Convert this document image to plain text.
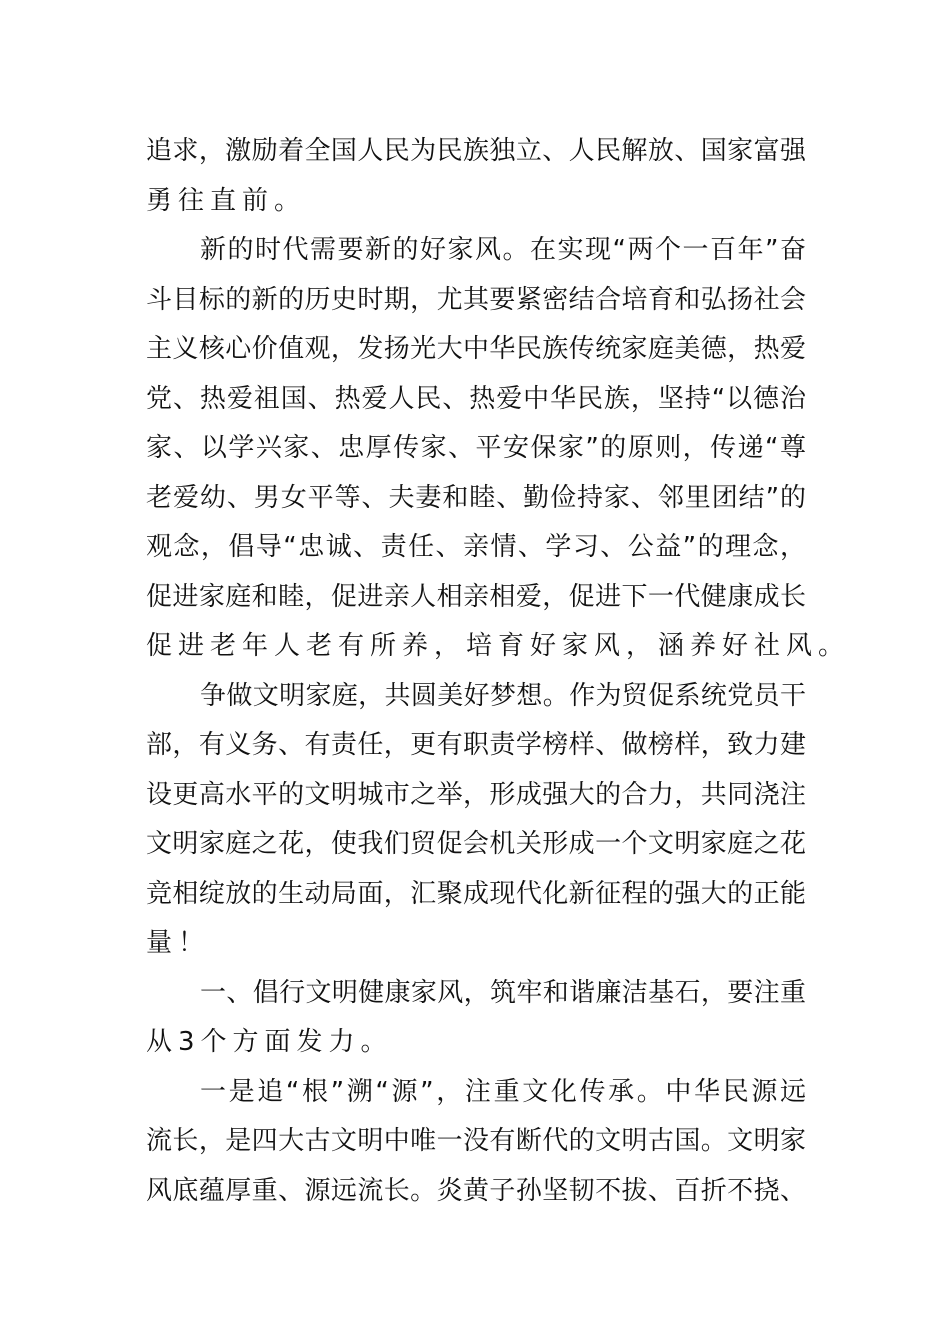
追求，激励着全国人民为民族独立、人民解放、国家富强
勇往直前。
新的时代需要新的好家风。在实现“两个一百年”奋
斗目标的新的历史时期，尤其要紧密结合培育和弘扬社会
主义核心价值观，发扬光大中华民族传统家庭美德，热爱
党、热爱祖国、热爱人民、热爱中华民族，坚持“以德治
家、以学兴家、忠厚传家、平安保家”的原则，传递“尊
老爱幼、男女平等、夫妻和睦、勤俭持家、邻里团结”的
观念，倡导“忠诚、责任、亲情、学习、公益”的理念，
促进家庭和睦，促进亲人相亲相爱，促进下一代健康成长
促进老年人老有所养，培育好家风，涵养好社风。
争做文明家庭，共圆美好梦想。作为贸促系统党员干
部，有义务、有责任，更有职责学榜样、做榜样，致力建
设更高水平的文明城市之举，形成强大的合力，共同浇注
文明家庭之花，使我们贸促会机关形成一个文明家庭之花
竞相绽放的生动局面，汇聚成现代化新征程的强大的正能
量！
一、倡行文明健康家风，筑牢和谐廉洁基石，要注重
从3个方面发力。
一是追“根”溯“源”，注重文化传承。中华民源远
流长，是四大古文明中唯一没有断代的文明古国。文明家
风底蕴厚重、源远流长。炎黄子孙坚韧不拔、百折不挠、
